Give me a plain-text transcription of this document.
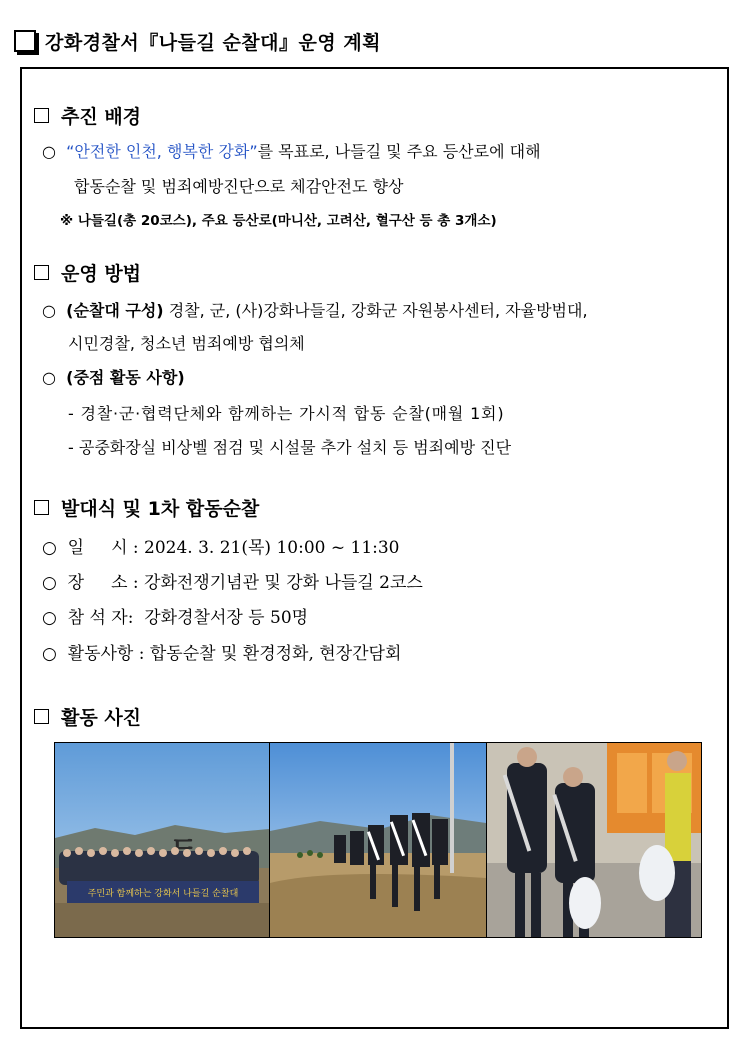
강화경찰서『나들길 순찰대』운영 계획
추진 배경
○ “안전한 인천, 행복한 강화”를 목표로, 나들길 및 주요 등산로에 대해
합동순찰 및 범죄예방진단으로 체감안전도 향상
※ 나들길(총 20코스), 주요 등산로(마니산, 고려산, 혈구산 등 총 3개소)
운영 방법
○  (순찰대 구성) 경찰, 군, (사)강화나들길, 강화군 자원봉사센터, 자율방범대,
시민경찰, 청소년 범죄예방 협의체
○  (중점 활동 사항)
- 경찰·군·협력단체와 함께하는 가시적 합동 순찰(매월 1회)
- 공중화장실 비상벨 점검 및 시설물 추가 설치 등 범죄예방 진단
발대식 및 1차 합동순찰
○  일     시 : 2024. 3. 21(목) 10:00 ~ 11:30
○  장     소 : 강화전쟁기념관 및 강화 나들길 2코스
○  참 석 자:  강화경찰서장 등 50명
○  활동사항 : 합동순찰 및 환경정화, 현장간담회
활동 사진
주민과 함께하는 강화서 나들길 순찰대
